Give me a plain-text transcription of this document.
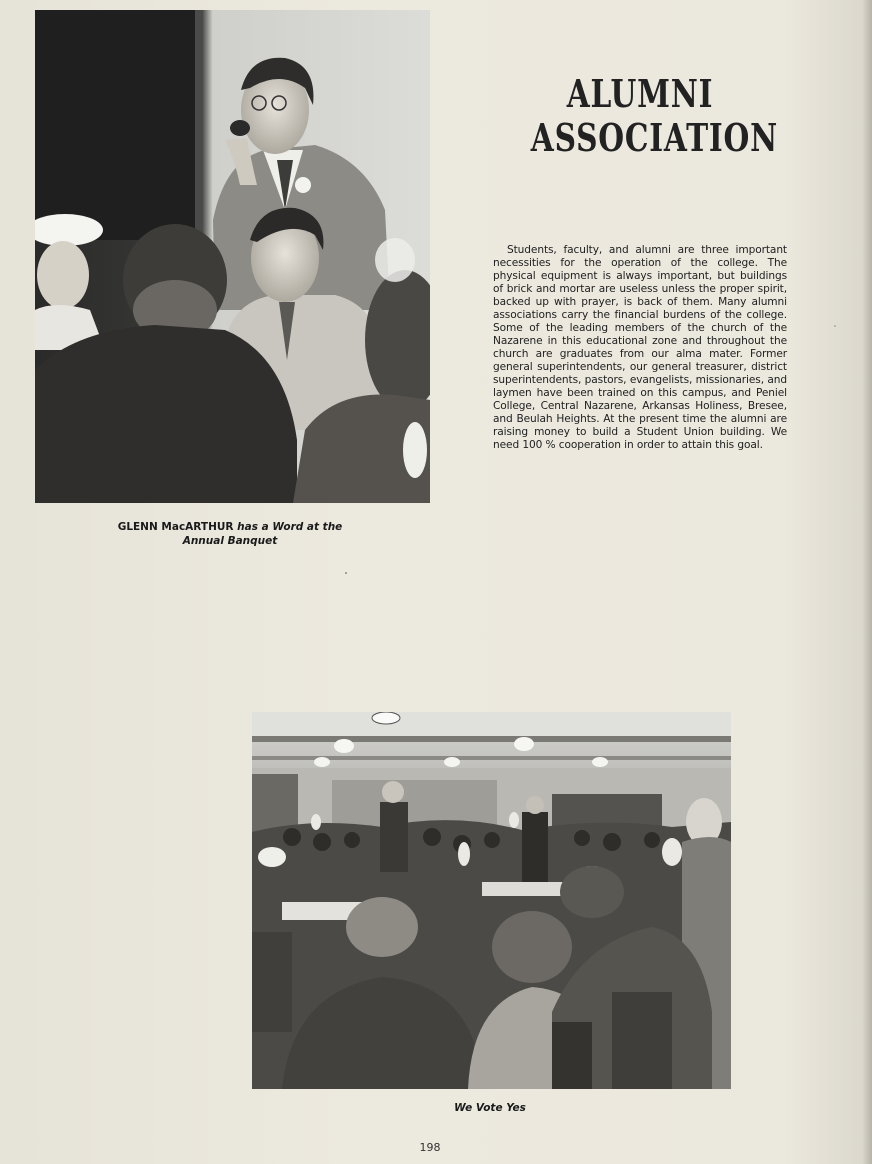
GLENN MacARTHUR has a Word at the
Annual Banquet
ALUMNI
ASSOCIATION
Students, faculty, and alumni are three important necessities for the operation of the college. The physical equipment is always important, but buildings of brick and mortar are useless unless the proper spirit, backed up with prayer, is back of them. Many alumni associations carry the financial burdens of the college. Some of the leading members of the church of the Nazarene in this educational zone and throughout the church are graduates from our alma mater. Former general superintendents, our general treasurer, district superintendents, pastors, evangelists, missionaries, and laymen have been trained on this campus, and Peniel College, Central Nazarene, Arkansas Holiness, Bresee, and Beulah Heights. At the present time the alumni are raising money to build a Student Union building. We need 100 % cooperation in order to attain this goal.
We Vote Yes
198
